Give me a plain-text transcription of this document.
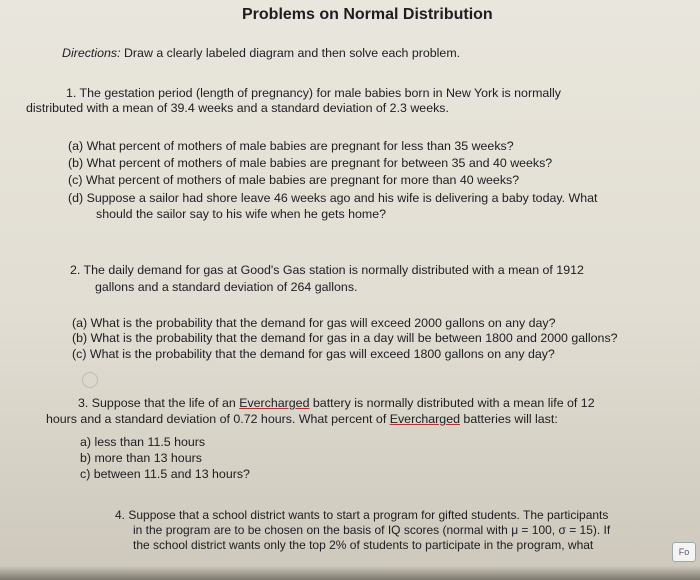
Problems on Normal Distribution
Directions: Draw a clearly labeled diagram and then solve each problem.
1. The gestation period (length of pregnancy) for male babies born in New York is normally
distributed with a mean of 39.4 weeks and a standard deviation of 2.3 weeks.
(a) What percent of mothers of male babies are pregnant for less than 35 weeks?
(b) What percent of mothers of male babies are pregnant for between 35 and 40 weeks?
(c) What percent of mothers of male babies are pregnant for more than 40 weeks?
(d) Suppose a sailor had shore leave 46 weeks ago and his wife is delivering a baby today. What
should the sailor say to his wife when he gets home?
2. The daily demand for gas at Good's Gas station is normally distributed with a mean of 1912
gallons and a standard deviation of 264 gallons.
(a) What is the probability that the demand for gas will exceed 2000 gallons on any day?
(b) What is the probability that the demand for gas in a day will be between 1800 and 2000 gallons?
(c) What is the probability that the demand for gas will exceed 1800 gallons on any day?
3. Suppose that the life of an Evercharged battery is normally distributed with a mean life of 12
hours and a standard deviation of 0.72 hours. What percent of Evercharged batteries will last:
a) less than 11.5 hours
b) more than 13 hours
c) between 11.5 and 13 hours?
4. Suppose that a school district wants to start a program for gifted students. The participants
in the program are to be chosen on the basis of IQ scores (normal with μ = 100, σ = 15). If
the school district wants only the top 2% of students to participate in the program, what	Fo
